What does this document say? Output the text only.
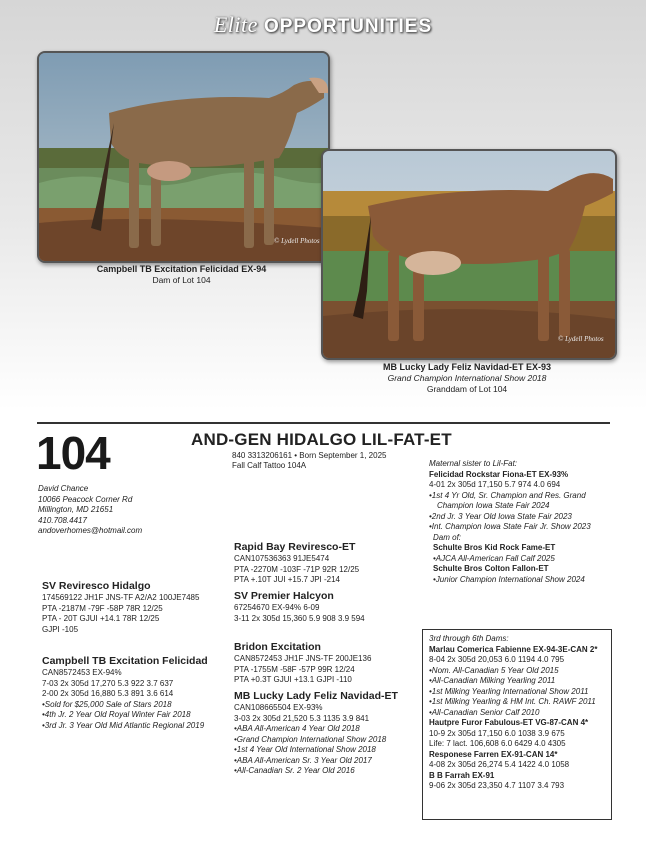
Elite OPPORTUNITIES
© Lydell Photos
Campbell TB Excitation Felicidad EX-94
Dam of Lot 104
© Lydell Photos
MB Lucky Lady Feliz Navidad-ET EX-93
Grand Champion International Show 2018
Granddam of Lot 104
104	AND-GEN HIDALGO LIL-FAT-ET
840 3313206161 • Born September 1, 2025
Fall Calf Tattoo 104A
David Chance
10066 Peacock Corner Rd
Millington, MD 21651
410.708.4417
andoverhomes@hotmail.com
Rapid Bay Reviresco-ET
CAN107536363 91JE5474
PTA -2270M -103F -71P 92R 12/25
PTA +.10T JUI +15.7 JPI -214
SV Premier Halcyon
67254670 EX-94% 6-09
3-11 2x 305d 15,360 5.9 908 3.9 594
SV Reviresco Hidalgo
174569122 JH1F JNS-TF A2/A2 100JE7485
PTA -2187M -79F -58P 78R 12/25
PTA - 20T GJUI +14.1 78R 12/25
GJPI -105
Bridon Excitation
CAN8572453 JH1F JNS-TF 200JE136
PTA -1755M -58F -57P 99R 12/24
PTA +0.3T GJUI +13.1 GJPI -110
Campbell TB Excitation Felicidad
CAN8572453 EX-94%
7-03 2x 305d 17,270 5.3 922 3.7 637
2-00 2x 305d 16,880 5.3 891 3.6 614
•Sold for $25,000 Sale of Stars 2018
•4th Jr. 2 Year Old Royal Winter Fair 2018
•3rd Jr. 3 Year Old Mid Atlantic Regional 2019
MB Lucky Lady Feliz Navidad-ET
CAN108665504 EX-93%
3-03 2x 305d 21,520 5.3 1135 3.9 841
•ABA All-American 4 Year Old 2018
•Grand Champion International Show 2018
•1st 4 Year Old International Show 2018
•ABA All-American Sr. 3 Year Old 2017
•All-Canadian Sr. 2 Year Old 2016
Maternal sister to Lil-Fat:
Felicidad Rockstar Fiona-ET EX-93%
4-01 2x 305d 17,150 5.7 974 4.0 694
•1st 4 Yr Old, Sr. Champion and Res. Grand
Champion Iowa State Fair 2024
•2nd Jr. 3 Year Old Iowa State Fair 2023
•Int. Champion Iowa State Fair Jr. Show 2023
Dam of:
Schulte Bros Kid Rock Fame-ET
•AJCA All-American Fall Calf 2025
Schulte Bros Colton Fallon-ET
•Junior Champion International Show 2024
3rd through 6th Dams:
Marlau Comerica Fabienne EX-94-3E-CAN 2*
8-04 2x 305d 20,053 6.0 1194 4.0 795
•Nom. All-Canadian 5 Year Old 2015
•All-Canadian Milking Yearling 2011
•1st Milking Yearling International Show 2011
•1st Milking Yearling & HM Int. Ch. RAWF 2011
•All-Canadian Senior Calf 2010
Hautpre Furor Fabulous-ET VG-87-CAN 4*
10-9 2x 305d 17,150 6.0 1038 3.9 675
Life: 7 lact. 106,608 6.0 6429 4.0 4305
Responese Farren EX-91-CAN 14*
4-08 2x 305d 26,274 5.4 1422 4.0 1058
B B Farrah EX-91
9-06 2x 305d 23,350 4.7 1107 3.4 793
